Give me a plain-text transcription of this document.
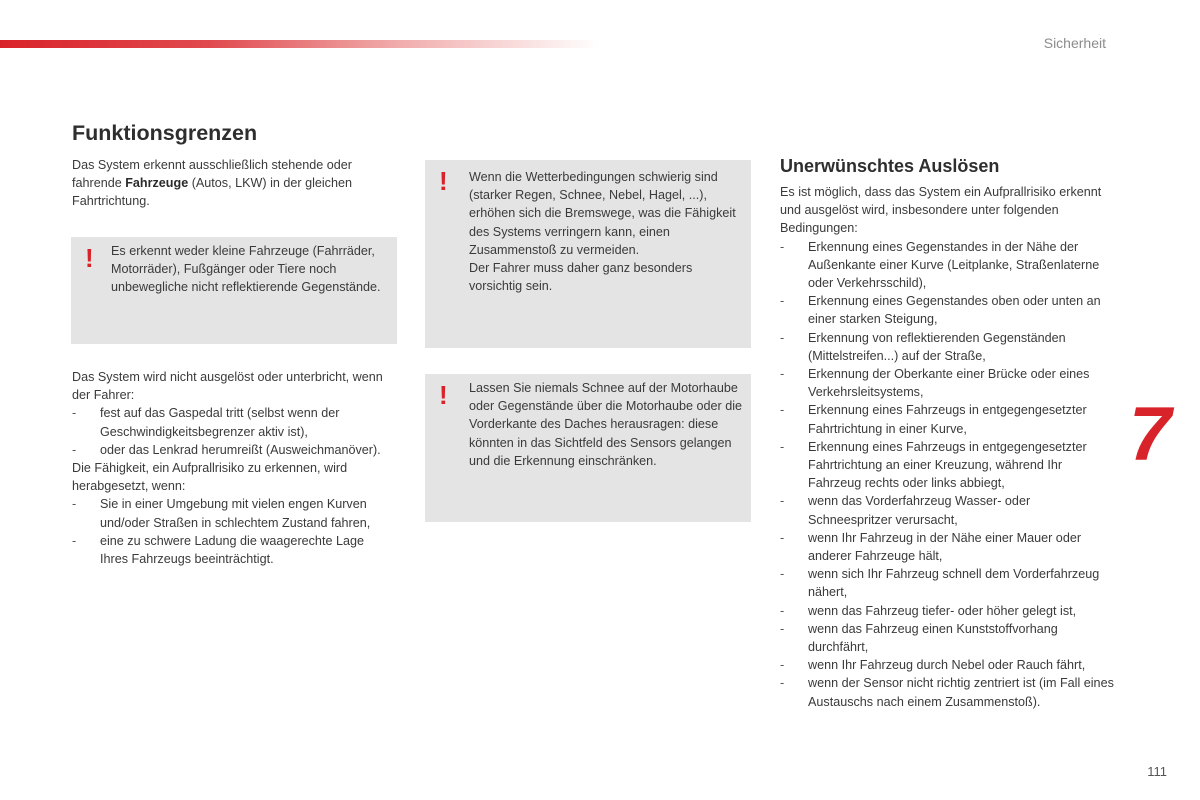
Sicherheit
Funktionsgrenzen

Das System erkennt ausschließlich stehende oder fahrende Fahrzeuge (Autos, LKW) in der gleichen Fahrtrichtung.

! Es erkennt weder kleine Fahrzeuge (Fahrräder, Motorräder), Fußgänger oder Tiere noch unbewegliche nicht reflektierende Gegenstände.

Das System wird nicht ausgelöst oder unterbricht, wenn der Fahrer:
- fest auf das Gaspedal tritt (selbst wenn der Geschwindigkeitsbegrenzer aktiv ist),
- oder das Lenkrad herumreißt (Ausweichmanöver).
Die Fähigkeit, ein Aufprallrisiko zu erkennen, wird herabgesetzt, wenn:
- Sie in einer Umgebung mit vielen engen Kurven und/oder Straßen in schlechtem Zustand fahren,
- eine zu schwere Ladung die waagerechte Lage Ihres Fahrzeugs beeinträchtigt.
! Wenn die Wetterbedingungen schwierig sind (starker Regen, Schnee, Nebel, Hagel, ...), erhöhen sich die Bremswege, was die Fähigkeit des Systems verringern kann, einen Zusammenstoß zu vermeiden.
Der Fahrer muss daher ganz besonders vorsichtig sein.
! Lassen Sie niemals Schnee auf der Motorhaube oder Gegenstände über die Motorhaube oder die Vorderkante des Daches herausragen: diese könnten in das Sichtfeld des Sensors gelangen und die Erkennung einschränken.

Unerwünschtes Auslösen
Es ist möglich, dass das System ein Aufprallrisiko erkennt und ausgelöst wird, insbesondere unter folgenden Bedingungen:
- Erkennung eines Gegenstandes in der Nähe der Außenkante einer Kurve (Leitplanke, Straßenlaterne oder Verkehrsschild),
- Erkennung eines Gegenstandes oben oder unten an einer starken Steigung,
- Erkennung von reflektierenden Gegenständen (Mittelstreifen...) auf der Straße,
- Erkennung der Oberkante einer Brücke oder eines Verkehrsleitsystems,
- Erkennung eines Fahrzeugs in entgegengesetzter Fahrtrichtung in einer Kurve,
- Erkennung eines Fahrzeugs in entgegengesetzter Fahrtrichtung an einer Kreuzung, während Ihr Fahrzeug rechts oder links abbiegt,
- wenn das Vorderfahrzeug Wasser- oder Schneespritzer verursacht,
- wenn Ihr Fahrzeug in der Nähe einer Mauer oder anderer Fahrzeuge hält,
- wenn sich Ihr Fahrzeug schnell dem Vorderfahrzeug nähert,
- wenn das Fahrzeug tiefer- oder höher gelegt ist,
- wenn das Fahrzeug einen Kunststoffvorhang durchfährt,
- wenn Ihr Fahrzeug durch Nebel oder Rauch fährt,
- wenn der Sensor nicht richtig zentriert ist (im Fall eines Austauschs nach einem Zusammenstoß).
7
111
